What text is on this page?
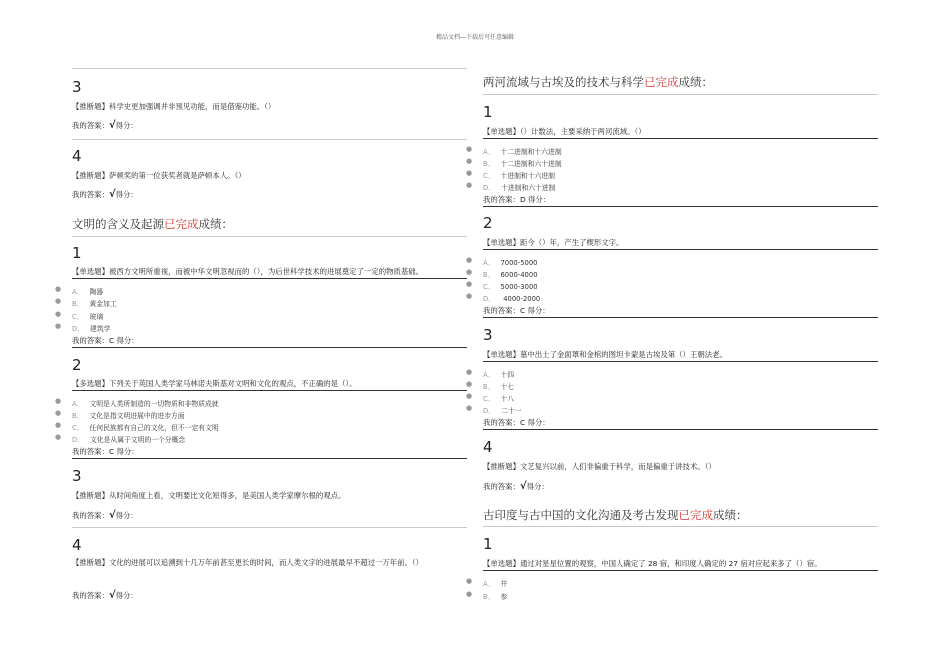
精品文档---下载后可任意编辑
3
【推断题】科学史更加强调并非预见功能，而是借鉴功能。（）
我的答案：√得分：
4
【推断题】萨顿奖的第一位获奖者就是萨顿本人。（）
我的答案：√得分：
文明的含义及起源已完成成绩：
1
【单选题】被西方文明所重视，而被中华文明忽视而的（），为后世科学技术的进展奠定了一定的物质基础。
● A、 陶器
● B、 黄金加工
● C、 玻璃
● D、 建筑学
我的答案：C 得分：
2
【多选题】下列关于英国人类学家马林诺夫斯基对文明和文化的观点，不正确的是（）。
● A、 文明是人类所制造的一切物质和非物质成就
● B、 文化是指文明进展中的进步方面
● C、 任何民族都有自己的文化，但不一定有文明
● D、 文化是从属于文明的一个分概念
我的答案：C 得分：
3
【推断题】从时间角度上看，文明要比文化短得多，是美国人类学家摩尔根的观点。
我的答案：√得分：
4
【推断题】文化的进展可以追溯到十几万年前甚至更长的时间，而人类文字的进展最早不超过一万年前。（）
我的答案：√得分：
两河流域与古埃及的技术与科学已完成成绩：
1
【单选题】（）计数法，主要采纳于两河流域。（）
● A、 十二进制和十六进制
● B、 十二进制和六十进制
● C、 十进制和十六进制
● D、 十进制和六十进制
我的答案：D 得分：
2
【单选题】距今（）年，产生了楔形文字。
● A、 7000-5000
● B、 6000-4000
● C、 5000-3000
● D、 4000-2000
我的答案：C 得分：
3
【单选题】墓中出土了金面罩和金棺的图坦卡蒙是古埃及第（）王朝法老。
● A、 十四
● B、 十七
● C、 十八
● D、 二十一
我的答案：C 得分：
4
【推断题】文艺复兴以前，人们非偏重于科学，而是偏重于讲技术。（）
我的答案：√得分：
古印度与古中国的文化沟通及考古发现已完成成绩：
1
【单选题】通过对星星位置的观察，中国人确定了 28 宿，和印度人确定的 27 宿对应起来多了（）宿。
● A、 井
● B、 参
